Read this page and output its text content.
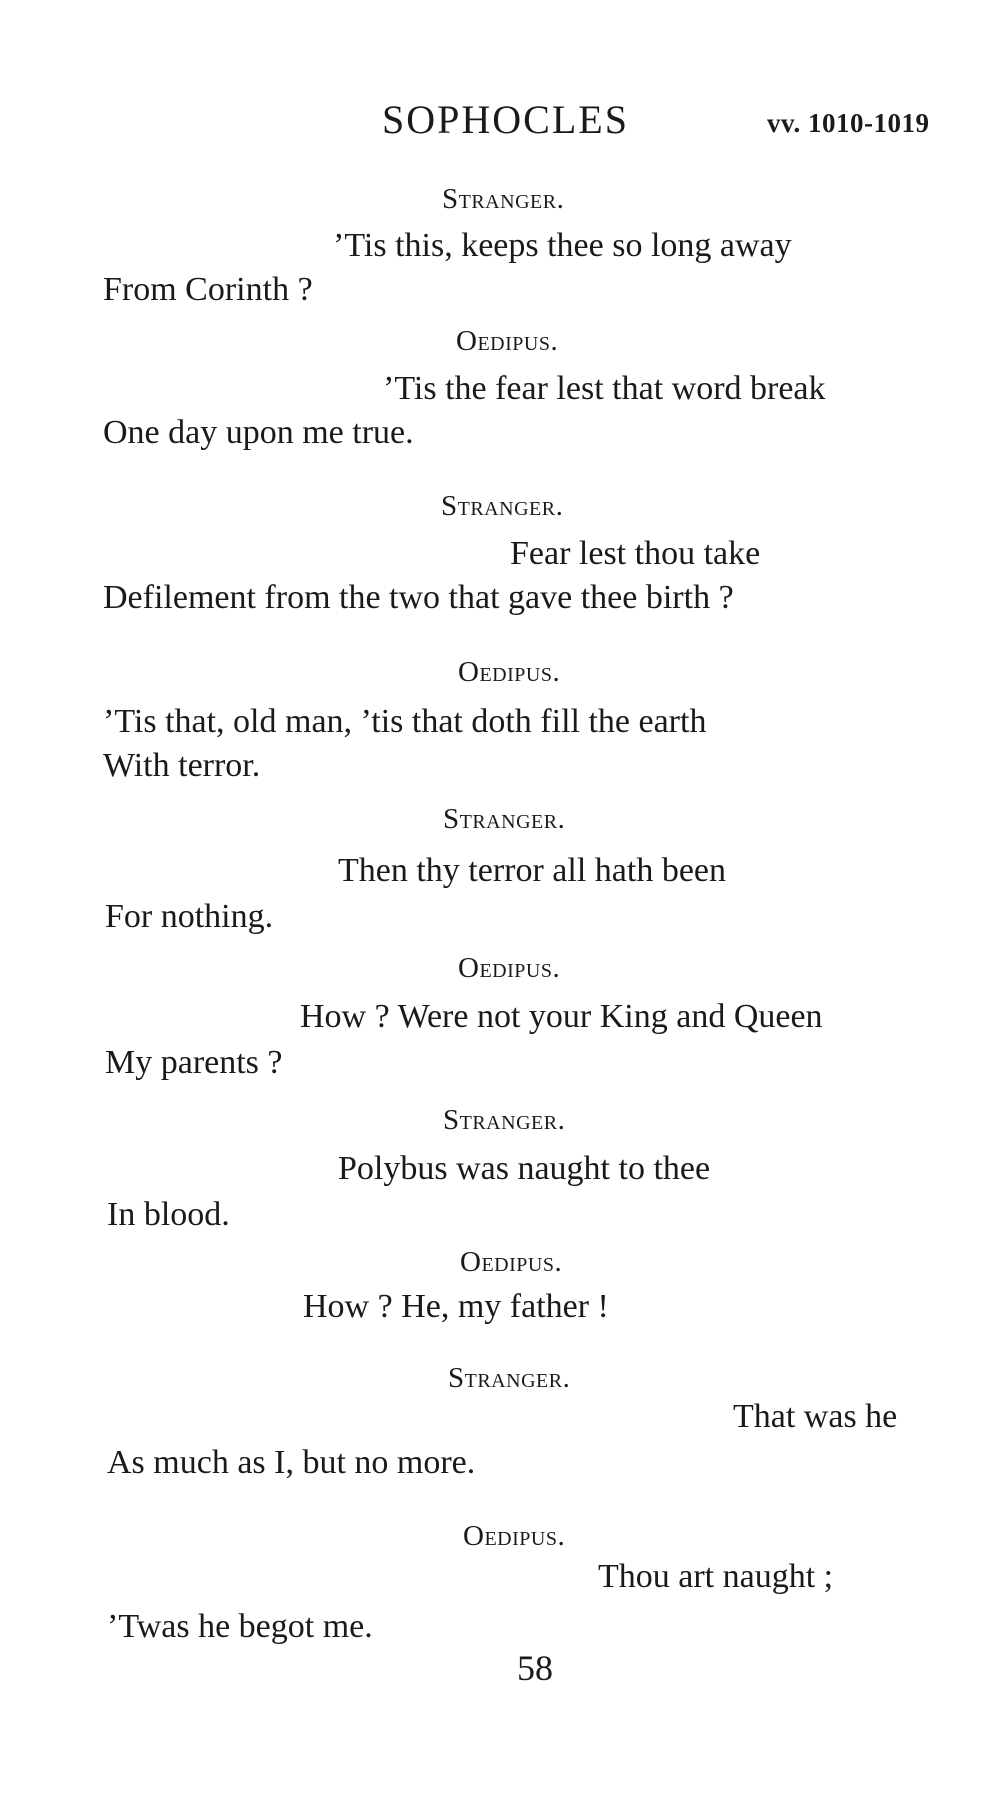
SOPHOCLES	vv. 1010-1019
Stranger.
’Tis this, keeps thee so long away
From Corinth ?
Oedipus.
’Tis the fear lest that word break
One day upon me true.
Stranger.
Fear lest thou take
Defilement from the two that gave thee birth ?
Oedipus.
’Tis that, old man, ’tis that doth fill the earth
With terror.
Stranger.
Then thy terror all hath been
For nothing.
Oedipus.
How ? Were not your King and Queen
My parents ?
Stranger.
Polybus was naught to thee
In blood.
Oedipus.
How ? He, my father !
Stranger.
That was he
As much as I, but no more.
Oedipus.
Thou art naught ;
’Twas he begot me.
58
